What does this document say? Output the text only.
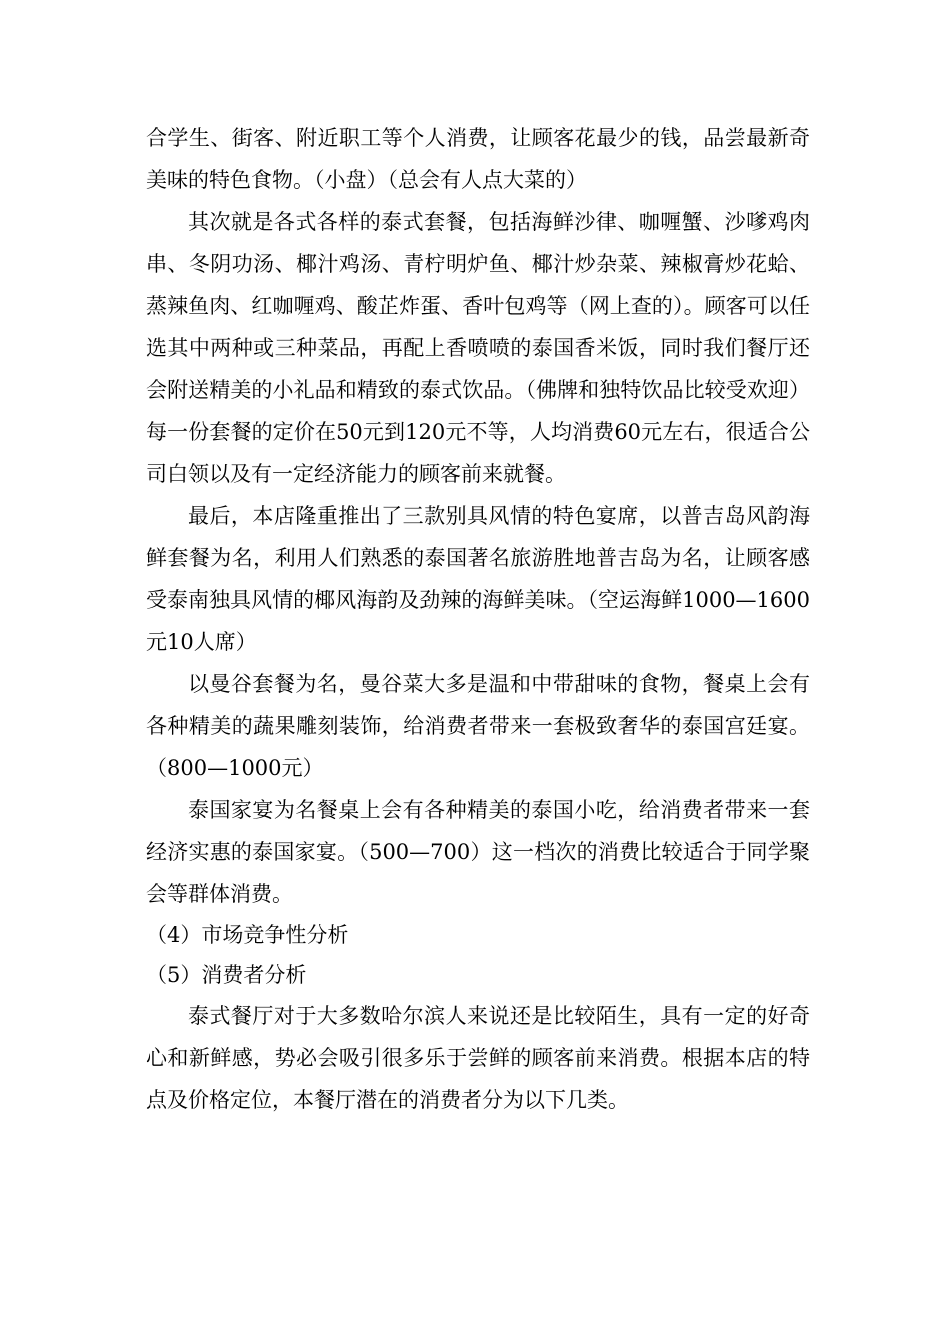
合学生、街客、附近职工等个人消费，让顾客花最少的钱，品尝最新奇美味的特色食物。（小盘）（总会有人点大菜的）

其次就是各式各样的泰式套餐，包括海鲜沙律、咖喱蟹、沙嗲鸡肉串、冬阴功汤、椰汁鸡汤、青柠明炉鱼、椰汁炒杂菜、辣椒膏炒花蛤、蒸辣鱼肉、红咖喱鸡、酸芷炸蛋、香叶包鸡等（网上查的）。顾客可以任选其中两种或三种菜品，再配上香喷喷的泰国香米饭，同时我们餐厅还会附送精美的小礼品和精致的泰式饮品。（佛牌和独特饮品比较受欢迎）每一份套餐的定价在50元到120元不等，人均消费60元左右，很适合公司白领以及有一定经济能力的顾客前来就餐。

最后，本店隆重推出了三款别具风情的特色宴席，以普吉岛风韵海鲜套餐为名，利用人们熟悉的泰国著名旅游胜地普吉岛为名，让顾客感受泰南独具风情的椰风海韵及劲辣的海鲜美味。（空运海鲜1000—1600元10人席）

以曼谷套餐为名，曼谷菜大多是温和中带甜味的食物，餐桌上会有各种精美的蔬果雕刻装饰，给消费者带来一套极致奢华的泰国宫廷宴。（800—1000元）

泰国家宴为名餐桌上会有各种精美的泰国小吃，给消费者带来一套经济实惠的泰国家宴。（500—700）这一档次的消费比较适合于同学聚会等群体消费。

（4）市场竞争性分析

（5）消费者分析

泰式餐厅对于大多数哈尔滨人来说还是比较陌生，具有一定的好奇心和新鲜感，势必会吸引很多乐于尝鲜的顾客前来消费。根据本店的特点及价格定位，本餐厅潜在的消费者分为以下几类。
